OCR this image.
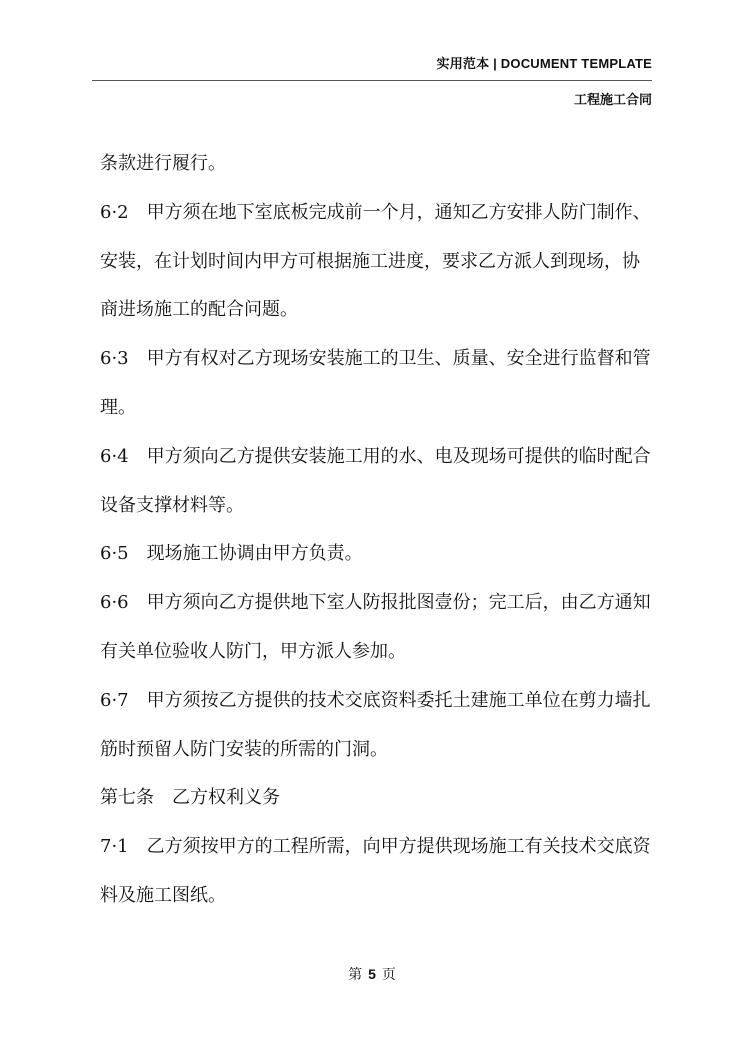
实用范本 | DOCUMENT TEMPLATE
工程施工合同

条款进行履行。

6·2　甲方须在地下室底板完成前一个月，通知乙方安排人防门制作、安装，在计划时间内甲方可根据施工进度，要求乙方派人到现场，协商进场施工的配合问题。

6·3　甲方有权对乙方现场安装施工的卫生、质量、安全进行监督和管理。

6·4　甲方须向乙方提供安装施工用的水、电及现场可提供的临时配合设备支撑材料等。

6·5　现场施工协调由甲方负责。

6·6　甲方须向乙方提供地下室人防报批图壹份；完工后，由乙方通知有关单位验收人防门，甲方派人参加。

6·7　甲方须按乙方提供的技术交底资料委托土建施工单位在剪力墙扎筋时预留人防门安装的所需的门洞。

第七条　乙方权利义务

7·1　乙方须按甲方的工程所需，向甲方提供现场施工有关技术交底资料及施工图纸。

第 5 页
